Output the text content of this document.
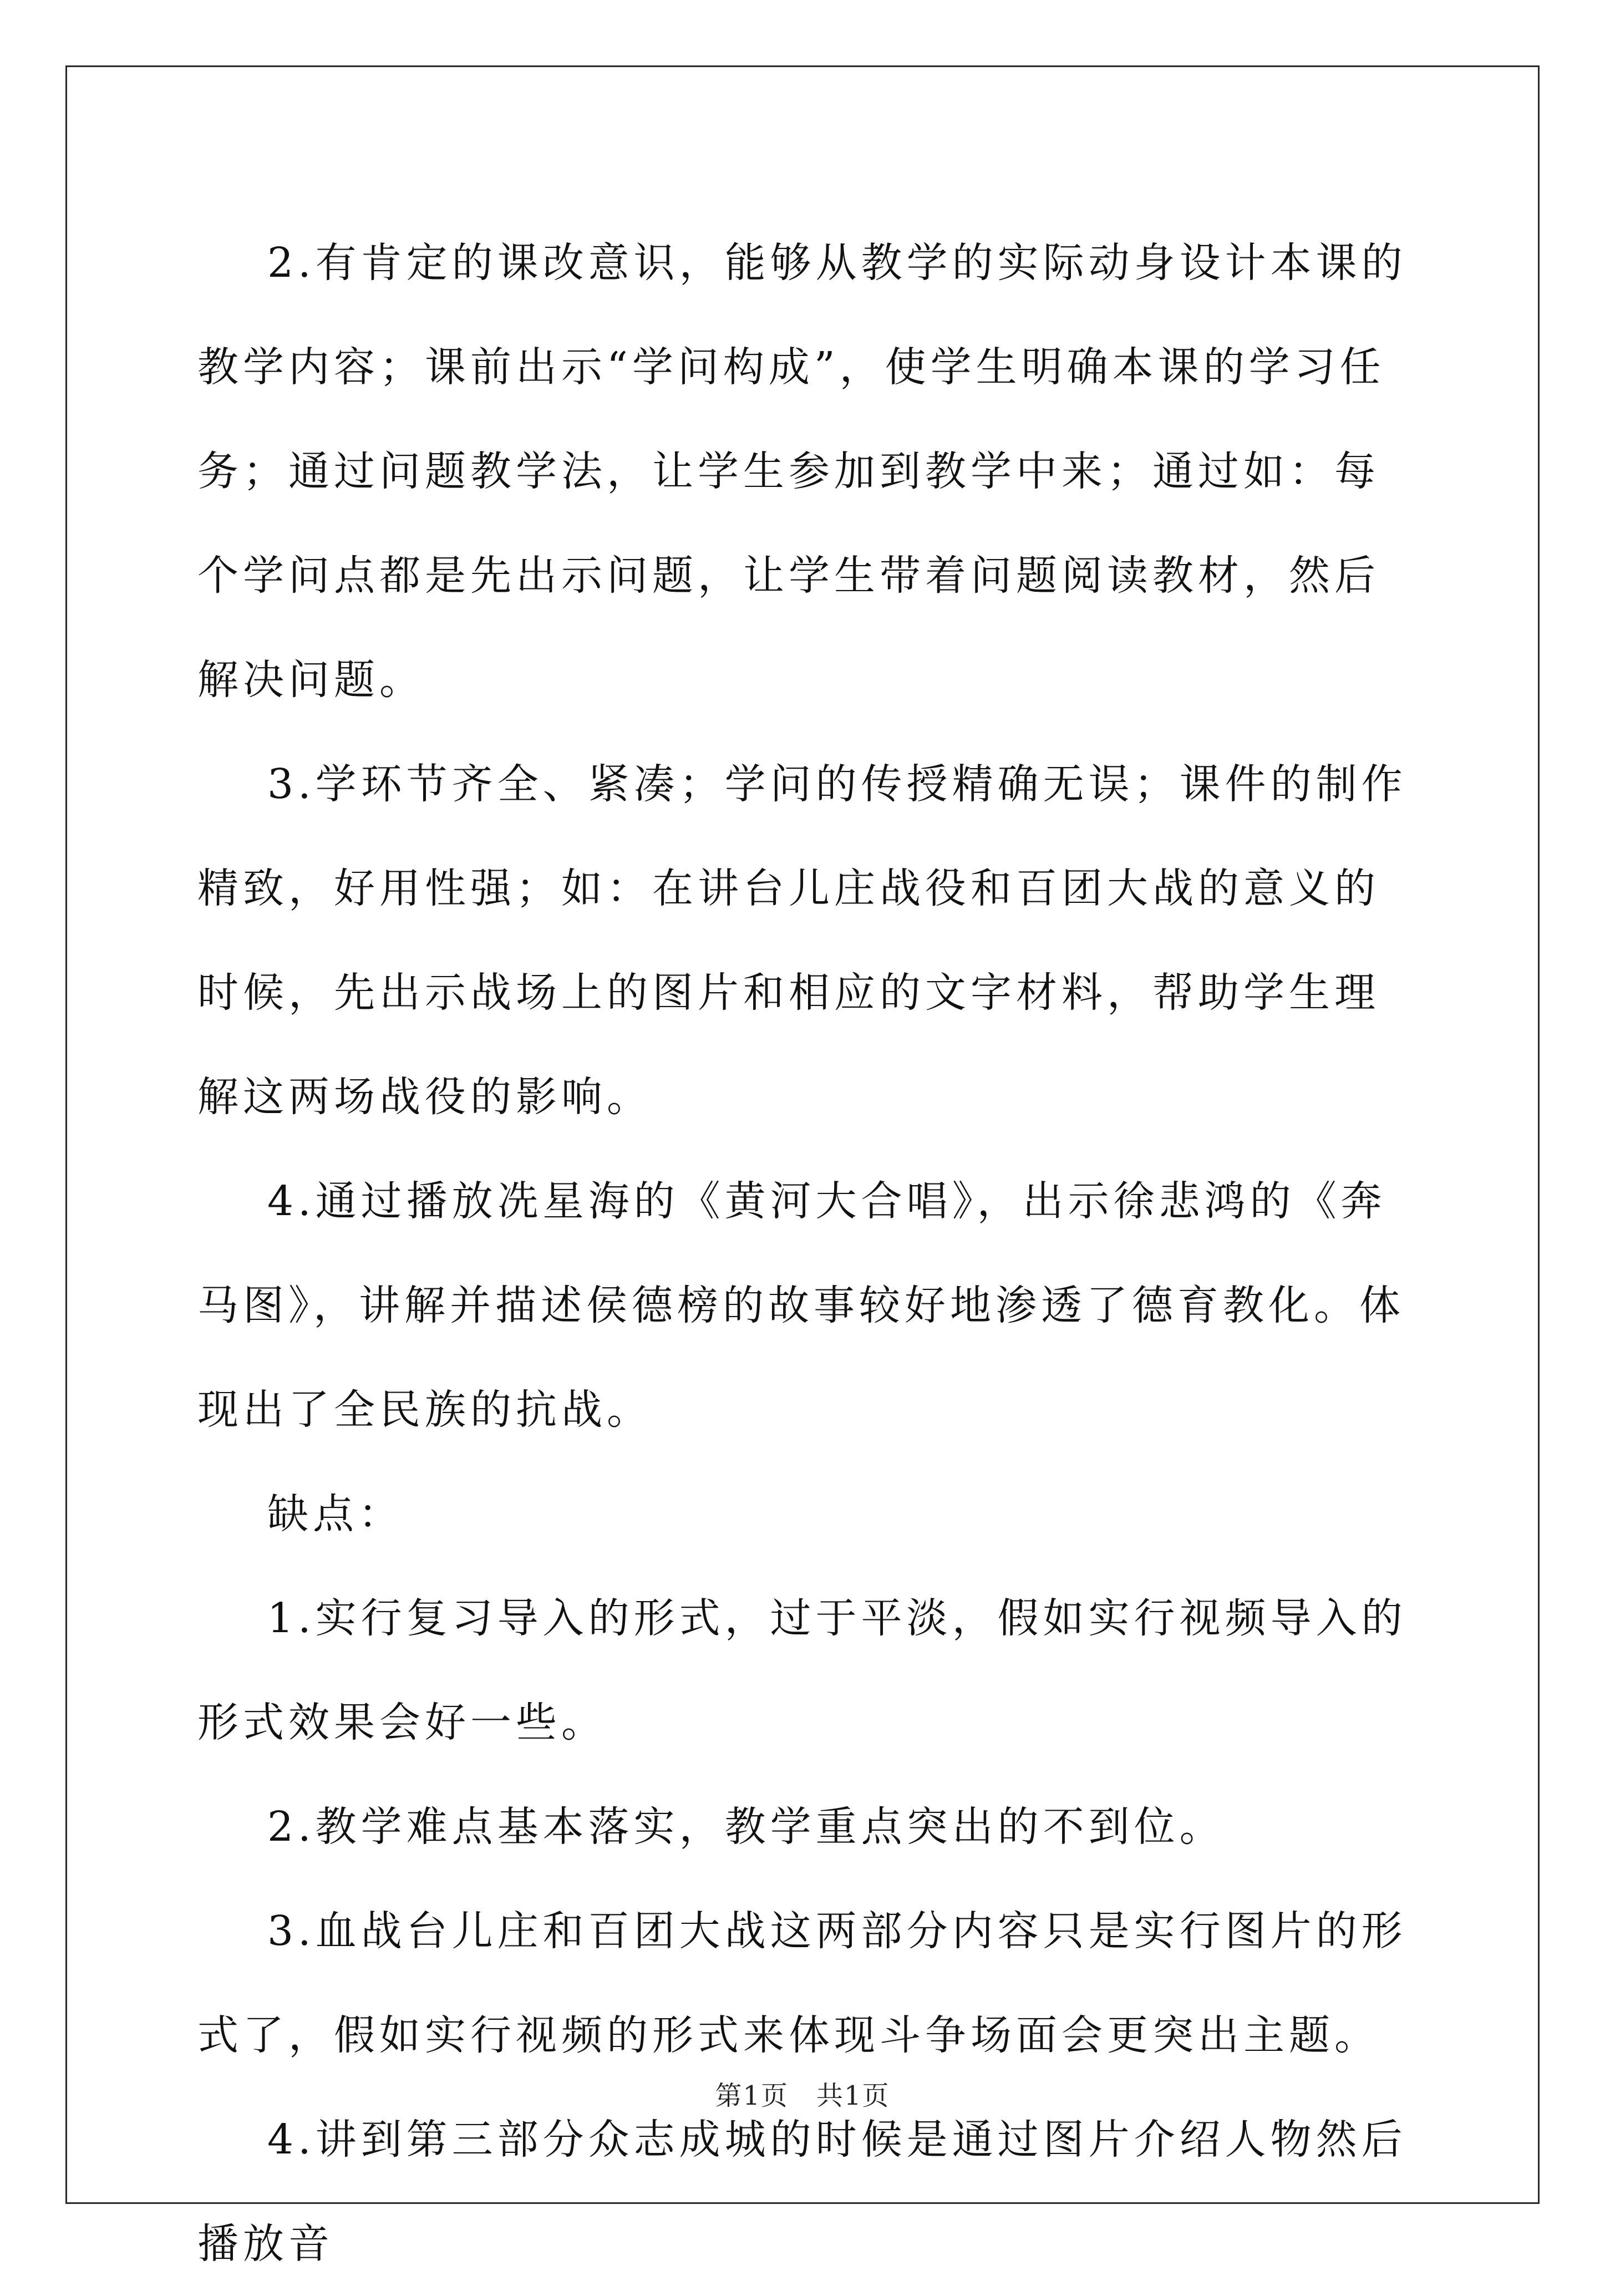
2.有肯定的课改意识，能够从教学的实际动身设计本课的教学内容；课前出示“学问构成”，使学生明确本课的学习任务；通过问题教学法，让学生参加到教学中来；通过如：每个学问点都是先出示问题，让学生带着问题阅读教材，然后解决问题。

3.学环节齐全、紧凑；学问的传授精确无误；课件的制作精致，好用性强；如：在讲台儿庄战役和百团大战的意义的时候，先出示战场上的图片和相应的文字材料，帮助学生理解这两场战役的影响。

4.通过播放冼星海的《黄河大合唱》，出示徐悲鸿的《奔马图》，讲解并描述侯德榜的故事较好地渗透了德育教化。体现出了全民族的抗战。

缺点：

1.实行复习导入的形式，过于平淡，假如实行视频导入的形式效果会好一些。

2.教学难点基本落实，教学重点突出的不到位。

3.血战台儿庄和百团大战这两部分内容只是实行图片的形式了，假如实行视频的形式来体现斗争场面会更突出主题。

4.讲到第三部分众志成城的时候是通过图片介绍人物然后播放音

第1页　共1页
